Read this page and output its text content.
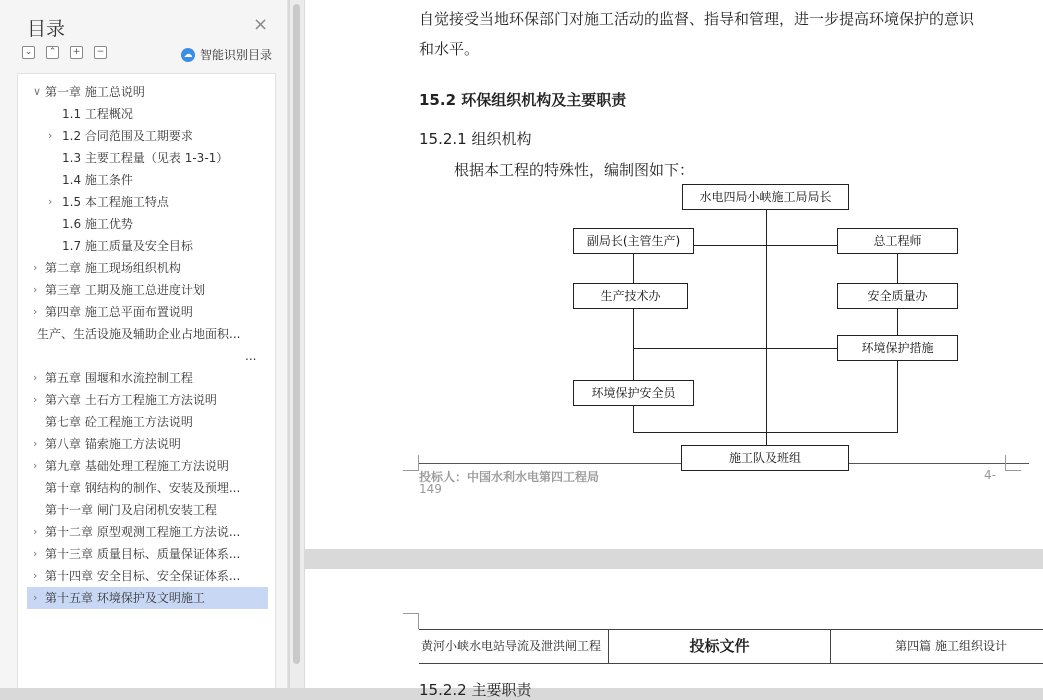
目录	×
⌄	⌃	+	−	☁ 智能识别目录
∨ 第一章 施工总说明
1.1 工程概况
› 1.2 合同范围及工期要求
1.3 主要工程量（见表 1-3-1）
1.4 施工条件
› 1.5 本工程施工特点
1.6 施工优势
1.7 施工质量及安全目标
› 第二章 施工现场组织机构
› 第三章 工期及施工总进度计划
› 第四章 施工总平面布置说明
生产、生活设施及辅助企业占地面积...
...
› 第五章 围堰和水流控制工程
› 第六章 土石方工程施工方法说明
第七章 砼工程施工方法说明
› 第八章 锚索施工方法说明
› 第九章 基础处理工程施工方法说明
第十章 钢结构的制作、安装及预埋...
第十一章 闸门及启闭机安装工程
› 第十二章 原型观测工程施工方法说...
› 第十三章 质量目标、质量保证体系...
› 第十四章 安全目标、安全保证体系...
› 第十五章 环境保护及文明施工
自觉接受当地环保部门对施工活动的监督、指导和管理，进一步提高环境保护的意识
和水平。
15.2 环保组织机构及主要职责
15.2.1 组织机构
根据本工程的特殊性，编制图如下：
水电四局小峡施工局局长
副局长(主管生产)	总工程师
生产技术办	安全质量办
环境保护措施
环境保护安全员
施工队及班组
投标人：中国水利水电第四工程局	4-
149
黄河小峡水电站导流及泄洪闸工程	投标文件	第四篇 施工组织设计
15.2.2 主要职责
